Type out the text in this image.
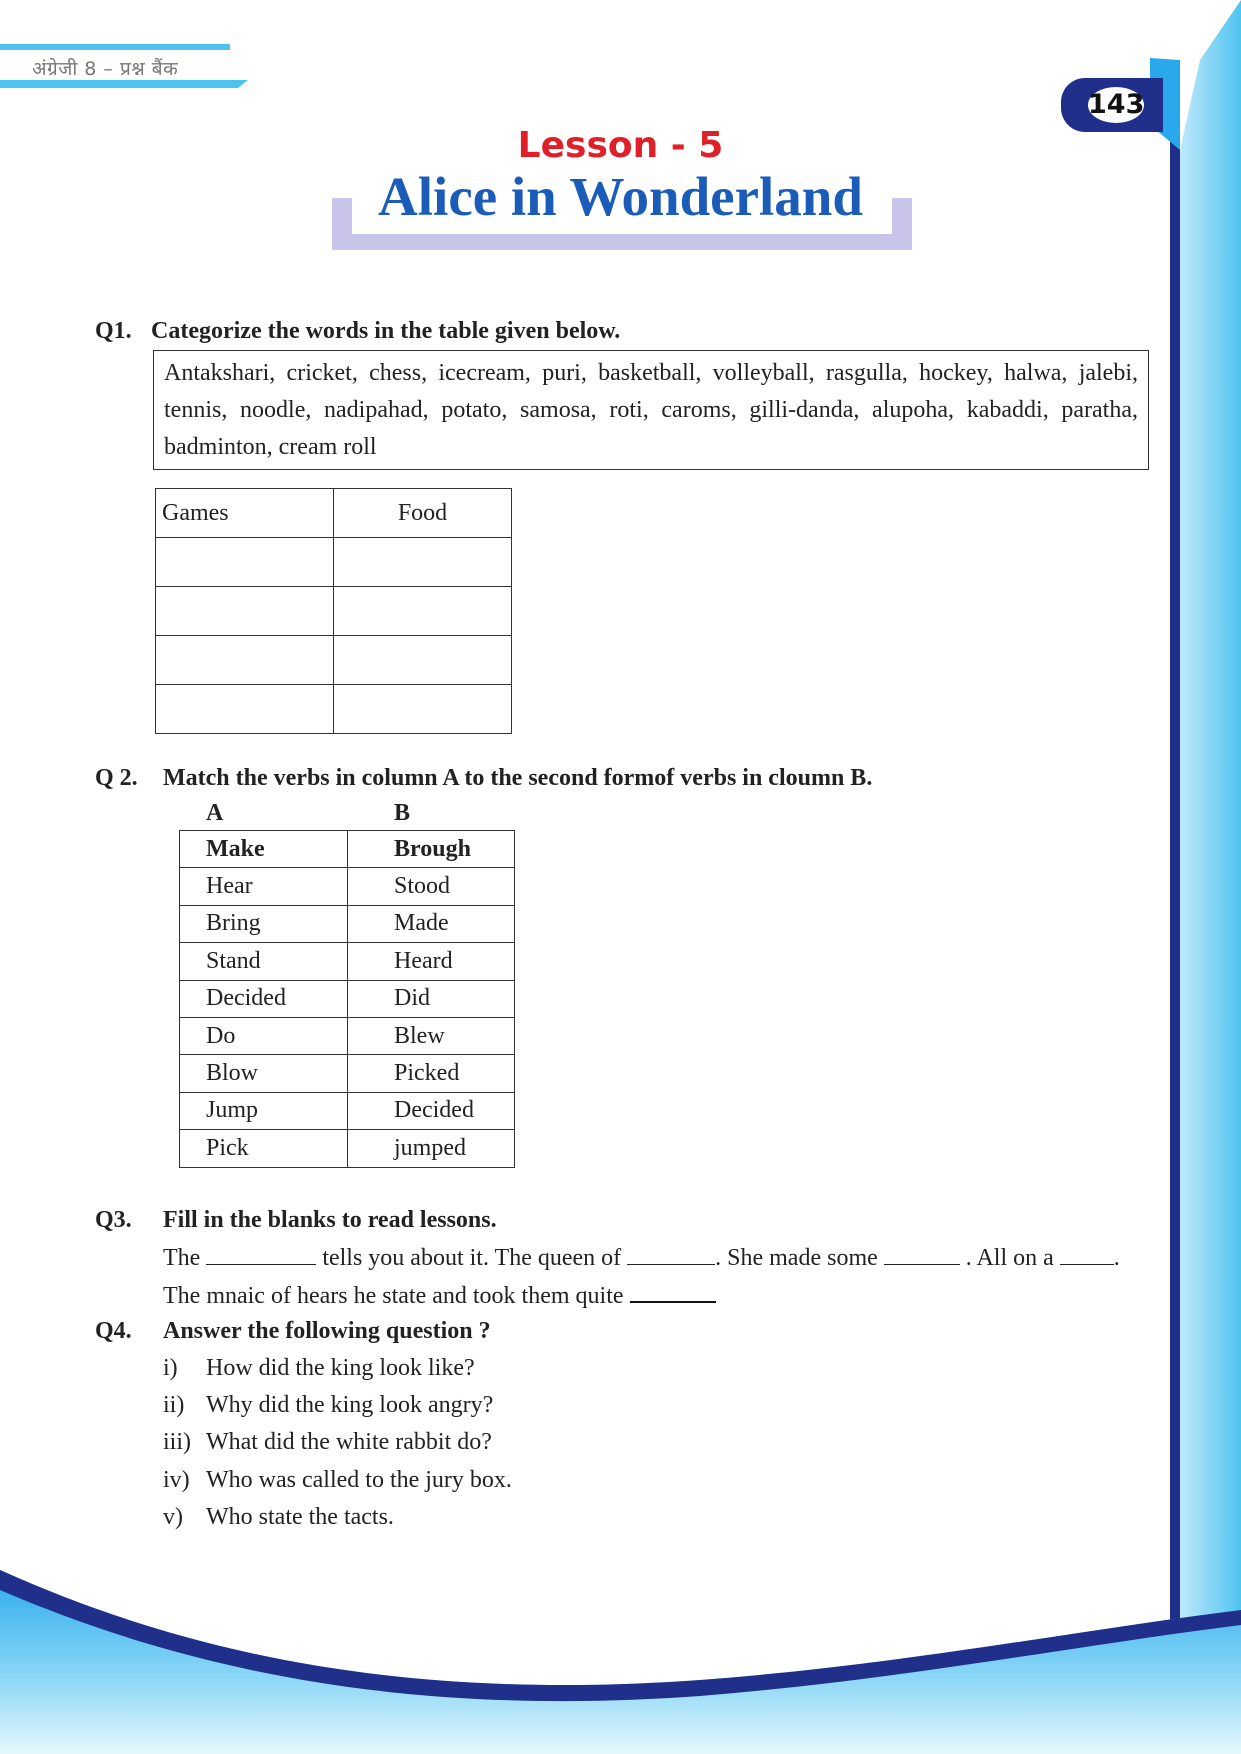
अंग्रेजी 8 – प्रश्न बैंक
143
Lesson - 5
Alice in Wonderland
Q1. Categorize the words in the table given below.
Antakshari, cricket, chess, icecream, puri, basketball, volleyball, rasgulla, hockey, halwa, jalebi, tennis, noodle, nadipahad, potato, samosa, roti, caroms, gilli-danda, alupoha, kabaddi, paratha, badminton, cream roll
Games	Food

Q 2. Match the verbs in column A to the second formof verbs in cloumn B.
A	B
Make	Brough
Hear	Stood
Bring	Made
Stand	Heard
Decided	Did
Do	Blew
Blow	Picked
Jump	Decided
Pick	jumped
Q3. Fill in the blanks to read lessons.
The	tells you about it. The queen of	. She made some	. All on a	.
The mnaic of hears he state and took them quite
Q4. Answer the following question ?
i) How did the king look like?
ii) Why did the king look angry?
iii) What did the white rabbit do?
iv) Who was called to the jury box.
v) Who state the tacts.
